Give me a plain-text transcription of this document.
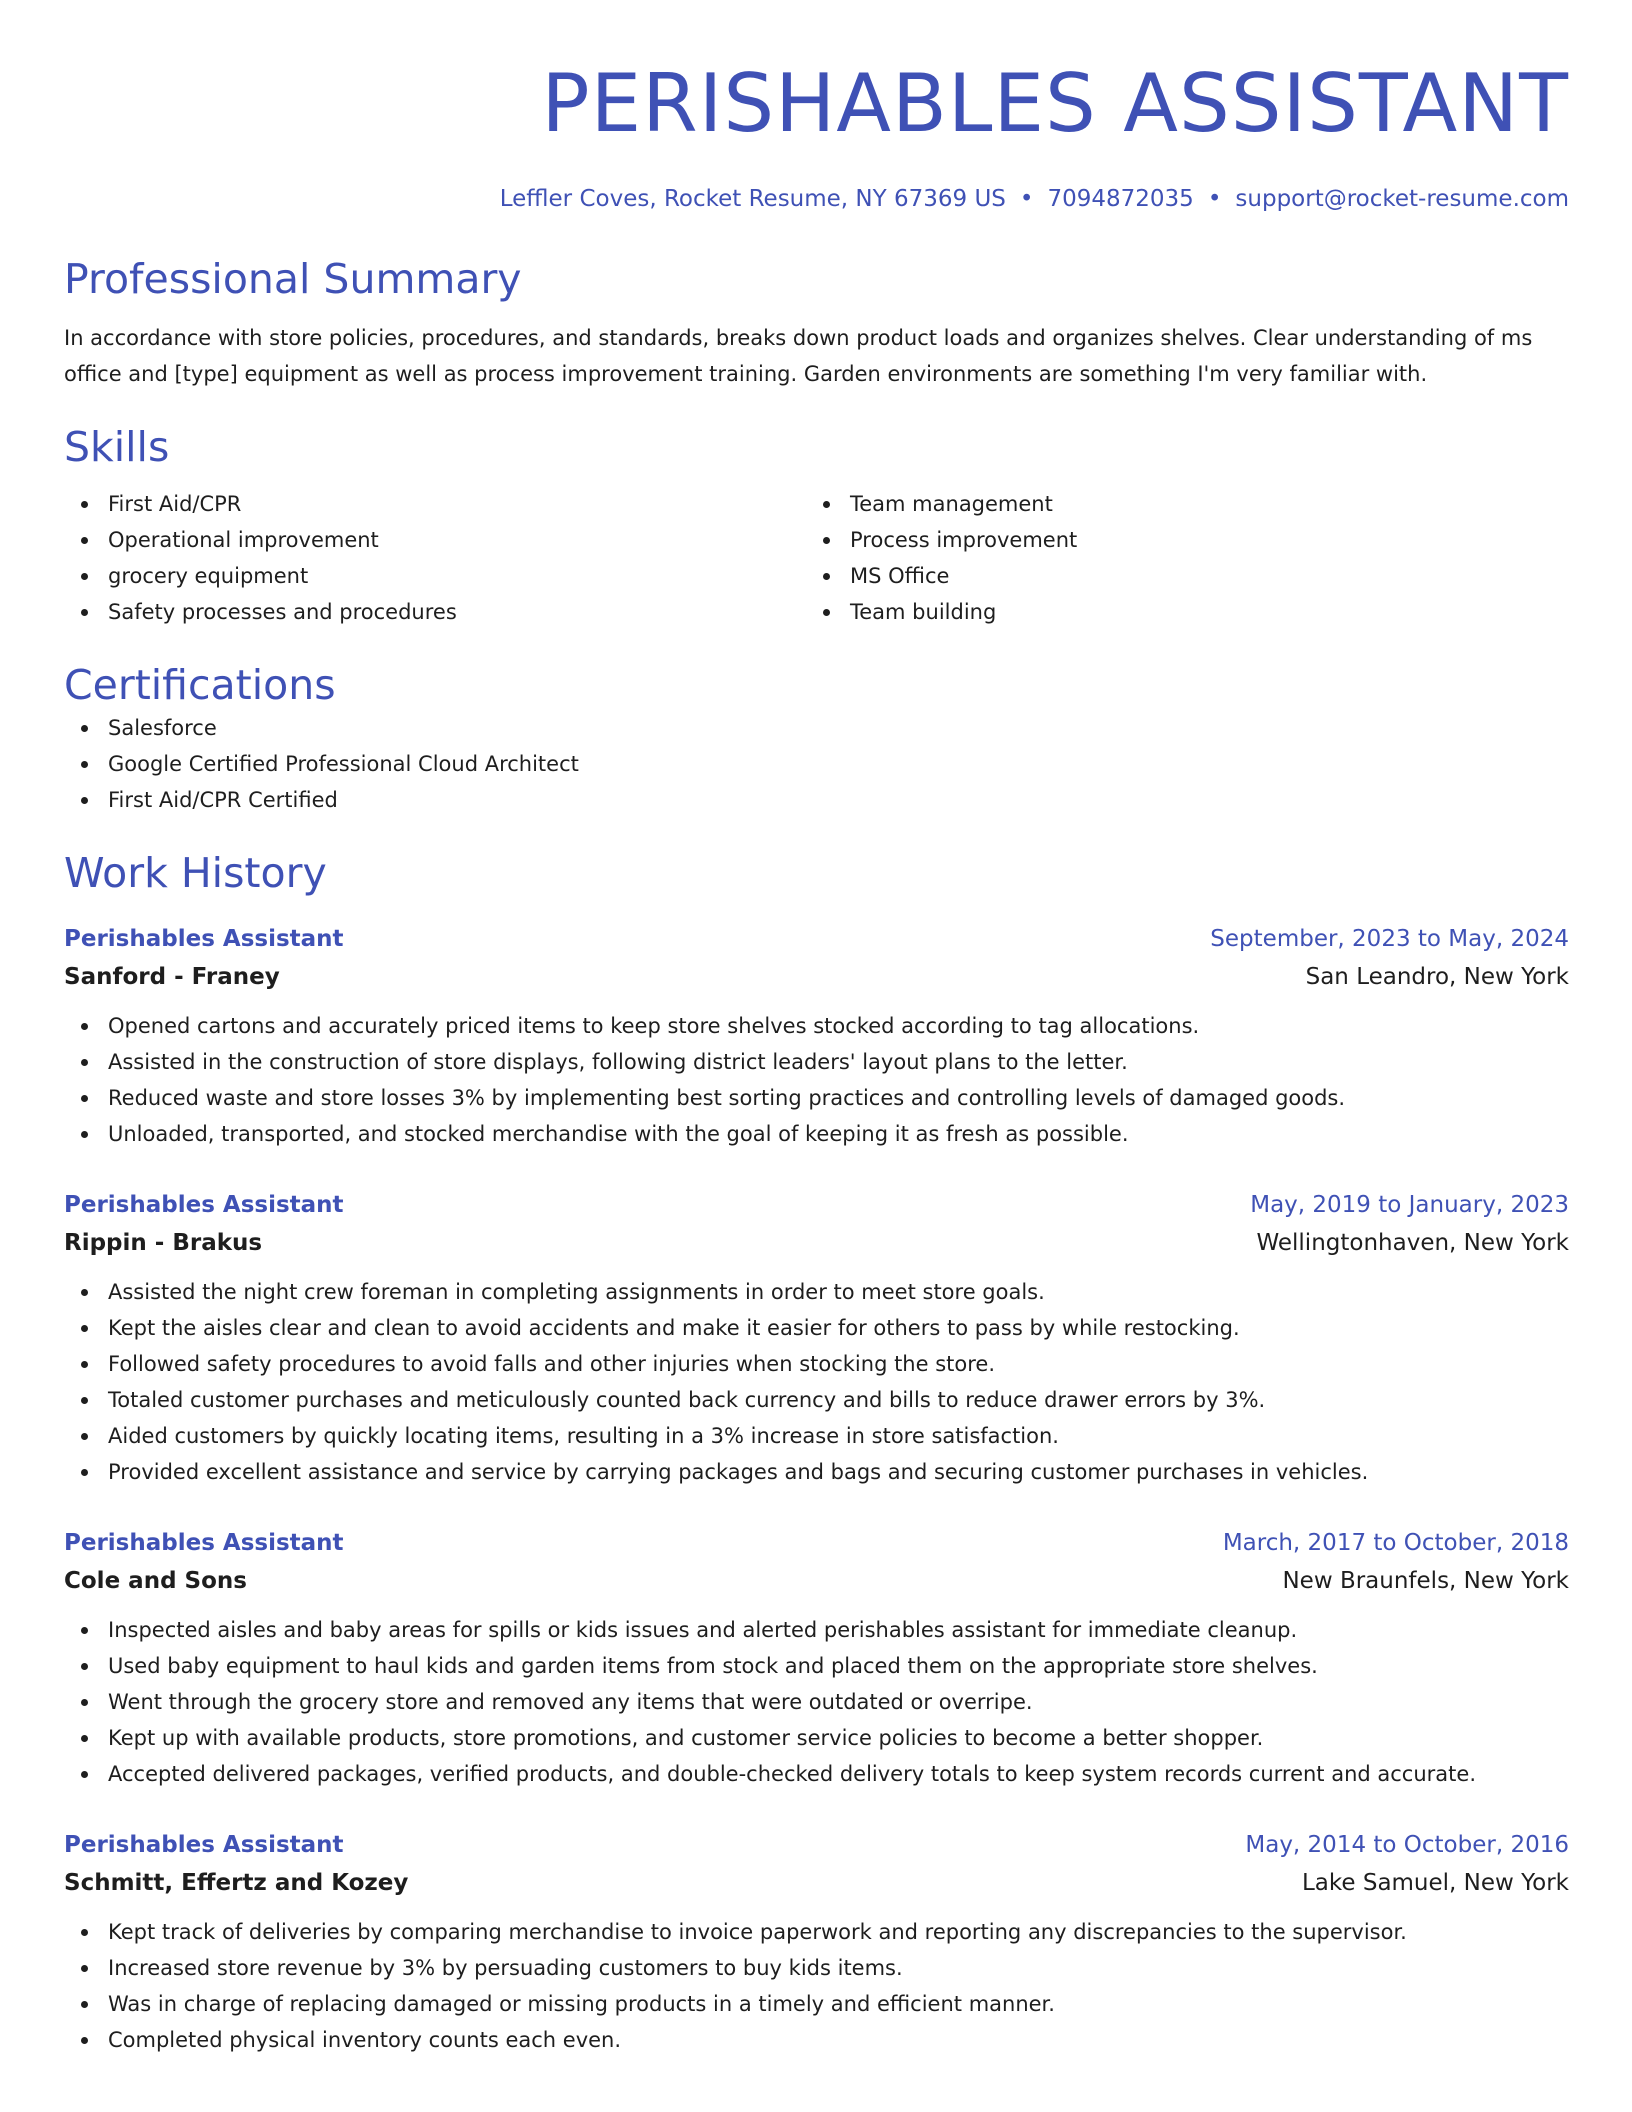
PERISHABLES ASSISTANT
Leffler Coves, Rocket Resume, NY 67369 US • 7094872035 • support@rocket-resume.com
Professional Summary
In accordance with store policies, procedures, and standards, breaks down product loads and organizes shelves. Clear understanding of ms office and [type] equipment as well as process improvement training. Garden environments are something I'm very familiar with.
Skills
First Aid/CPR
Operational improvement
grocery equipment
Safety processes and procedures
Team management
Process improvement
MS Office
Team building
Certifications
Salesforce
Google Certified Professional Cloud Architect
First Aid/CPR Certified
Work History
Perishables Assistant	September, 2023 to May, 2024
Sanford - Franey	San Leandro, New York
Opened cartons and accurately priced items to keep store shelves stocked according to tag allocations.
Assisted in the construction of store displays, following district leaders' layout plans to the letter.
Reduced waste and store losses 3% by implementing best sorting practices and controlling levels of damaged goods.
Unloaded, transported, and stocked merchandise with the goal of keeping it as fresh as possible.
Perishables Assistant	May, 2019 to January, 2023
Rippin - Brakus	Wellingtonhaven, New York
Assisted the night crew foreman in completing assignments in order to meet store goals.
Kept the aisles clear and clean to avoid accidents and make it easier for others to pass by while restocking.
Followed safety procedures to avoid falls and other injuries when stocking the store.
Totaled customer purchases and meticulously counted back currency and bills to reduce drawer errors by 3%.
Aided customers by quickly locating items, resulting in a 3% increase in store satisfaction.
Provided excellent assistance and service by carrying packages and bags and securing customer purchases in vehicles.
Perishables Assistant	March, 2017 to October, 2018
Cole and Sons	New Braunfels, New York
Inspected aisles and baby areas for spills or kids issues and alerted perishables assistant for immediate cleanup.
Used baby equipment to haul kids and garden items from stock and placed them on the appropriate store shelves.
Went through the grocery store and removed any items that were outdated or overripe.
Kept up with available products, store promotions, and customer service policies to become a better shopper.
Accepted delivered packages, verified products, and double-checked delivery totals to keep system records current and accurate.
Perishables Assistant	May, 2014 to October, 2016
Schmitt, Effertz and Kozey	Lake Samuel, New York
Kept track of deliveries by comparing merchandise to invoice paperwork and reporting any discrepancies to the supervisor.
Increased store revenue by 3% by persuading customers to buy kids items.
Was in charge of replacing damaged or missing products in a timely and efficient manner.
Completed physical inventory counts each even.
